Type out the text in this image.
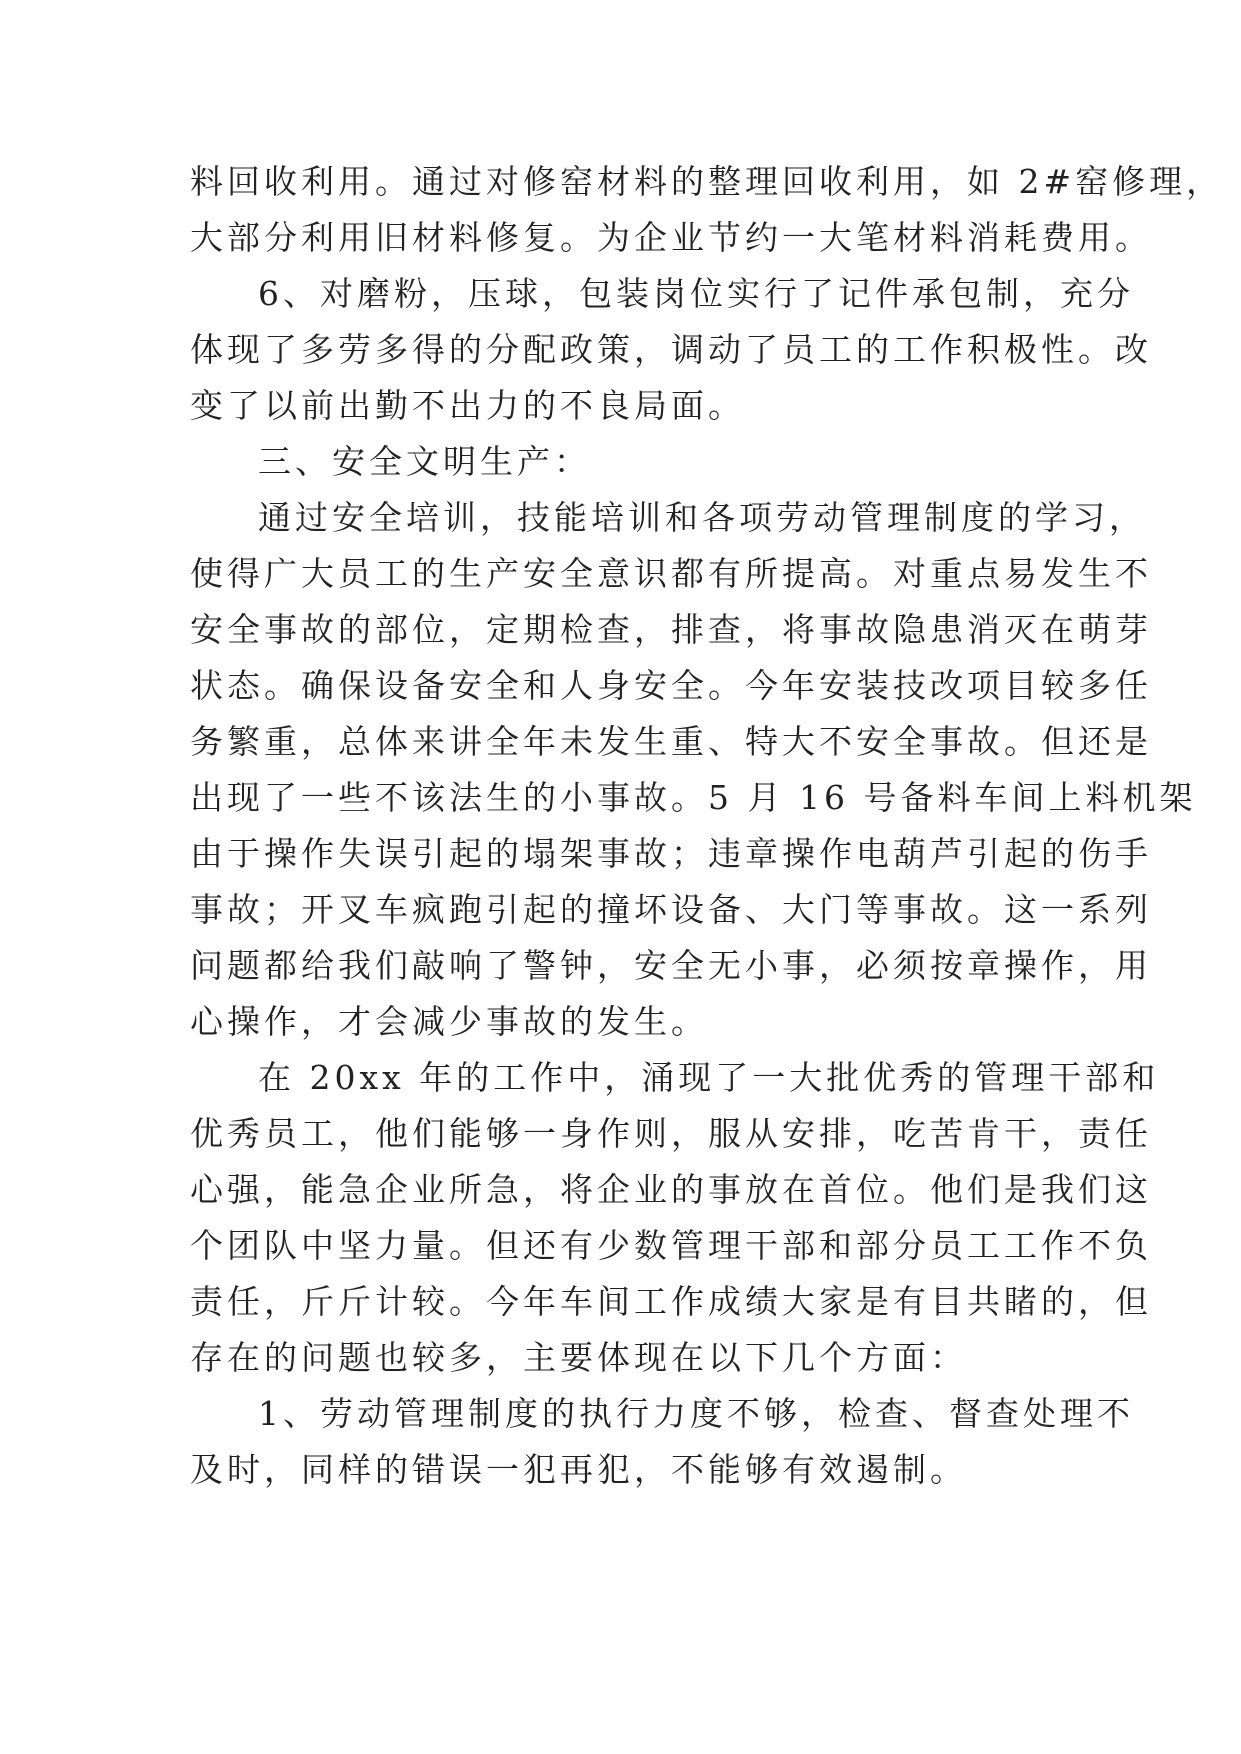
料回收利用。通过对修窑材料的整理回收利用，如 2#窑修理，
大部分利用旧材料修复。为企业节约一大笔材料消耗费用。
6、对磨粉，压球，包装岗位实行了记件承包制，充分
体现了多劳多得的分配政策，调动了员工的工作积极性。改
变了以前出勤不出力的不良局面。
三、安全文明生产：
通过安全培训，技能培训和各项劳动管理制度的学习，
使得广大员工的生产安全意识都有所提高。对重点易发生不
安全事故的部位，定期检查，排查，将事故隐患消灭在萌芽
状态。确保设备安全和人身安全。今年安装技改项目较多任
务繁重，总体来讲全年未发生重、特大不安全事故。但还是
出现了一些不该法生的小事故。5 月 16 号备料车间上料机架
由于操作失误引起的塌架事故；违章操作电葫芦引起的伤手
事故；开叉车疯跑引起的撞坏设备、大门等事故。这一系列
问题都给我们敲响了警钟，安全无小事，必须按章操作，用
心操作，才会减少事故的发生。
在 20xx 年的工作中，涌现了一大批优秀的管理干部和
优秀员工，他们能够一身作则，服从安排，吃苦肯干，责任
心强，能急企业所急，将企业的事放在首位。他们是我们这
个团队中坚力量。但还有少数管理干部和部分员工工作不负
责任，斤斤计较。今年车间工作成绩大家是有目共睹的，但
存在的问题也较多，主要体现在以下几个方面：
1、劳动管理制度的执行力度不够，检查、督查处理不
及时，同样的错误一犯再犯，不能够有效遏制。
